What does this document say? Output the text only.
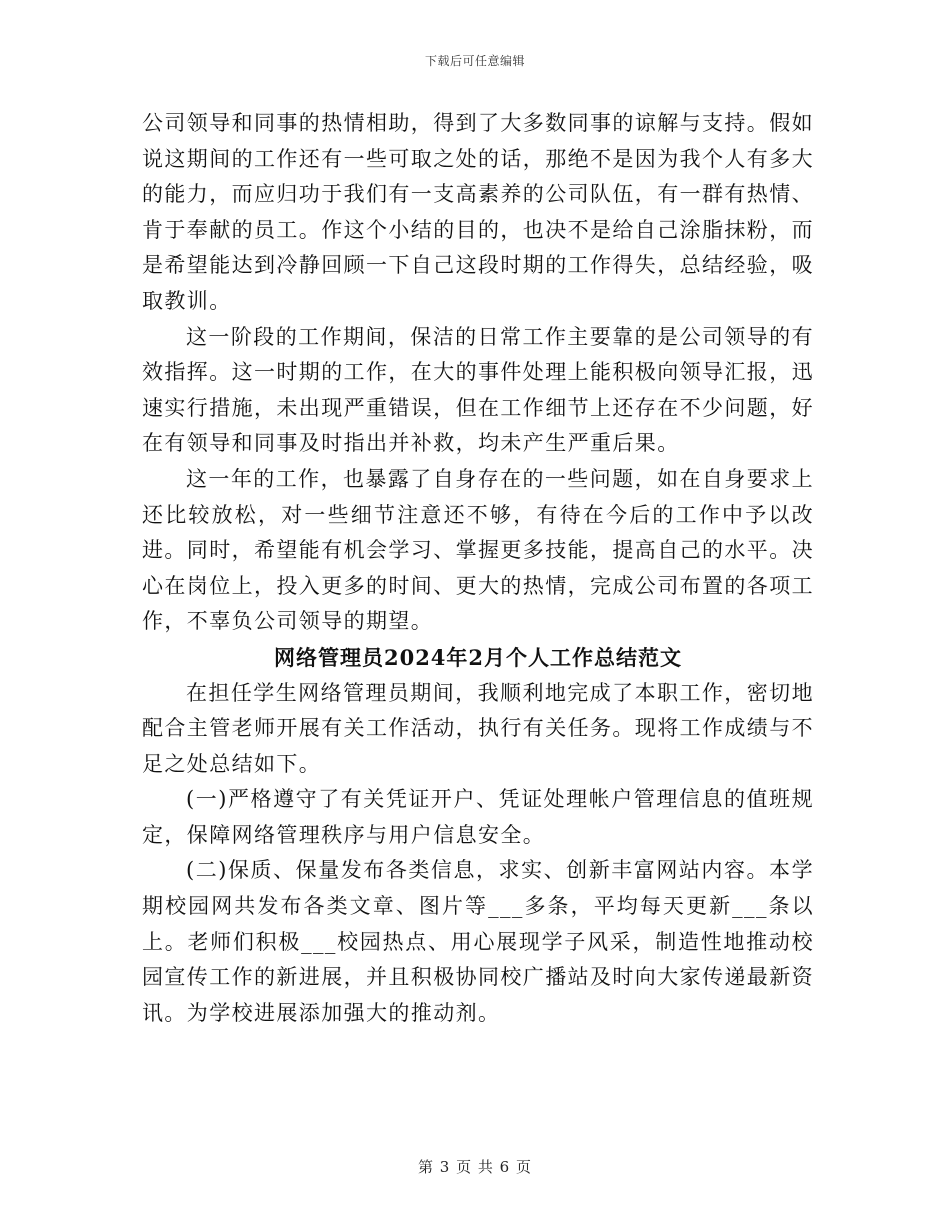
下载后可任意编辑

公司领导和同事的热情相助，得到了大多数同事的谅解与支持。假如说这期间的工作还有一些可取之处的话，那绝不是因为我个人有多大的能力，而应归功于我们有一支高素养的公司队伍，有一群有热情、肯于奉献的员工。作这个小结的目的，也决不是给自己涂脂抹粉，而是希望能达到冷静回顾一下自己这段时期的工作得失，总结经验，吸取教训。

这一阶段的工作期间，保洁的日常工作主要靠的是公司领导的有效指挥。这一时期的工作，在大的事件处理上能积极向领导汇报，迅速实行措施，未出现严重错误，但在工作细节上还存在不少问题，好在有领导和同事及时指出并补救，均未产生严重后果。

这一年的工作，也暴露了自身存在的一些问题，如在自身要求上还比较放松，对一些细节注意还不够，有待在今后的工作中予以改进。同时，希望能有机会学习、掌握更多技能，提高自己的水平。决心在岗位上，投入更多的时间、更大的热情，完成公司布置的各项工作，不辜负公司领导的期望。

网络管理员2024年2月个人工作总结范文

在担任学生网络管理员期间，我顺利地完成了本职工作，密切地配合主管老师开展有关工作活动，执行有关任务。现将工作成绩与不足之处总结如下。

(一)严格遵守了有关凭证开户、凭证处理帐户管理信息的值班规定，保障网络管理秩序与用户信息安全。

(二)保质、保量发布各类信息，求实、创新丰富网站内容。本学期校园网共发布各类文章、图片等___多条，平均每天更新___条以上。老师们积极___校园热点、用心展现学子风采，制造性地推动校园宣传工作的新进展，并且积极协同校广播站及时向大家传递最新资讯。为学校进展添加强大的推动剂。

第 3 页 共 6 页
